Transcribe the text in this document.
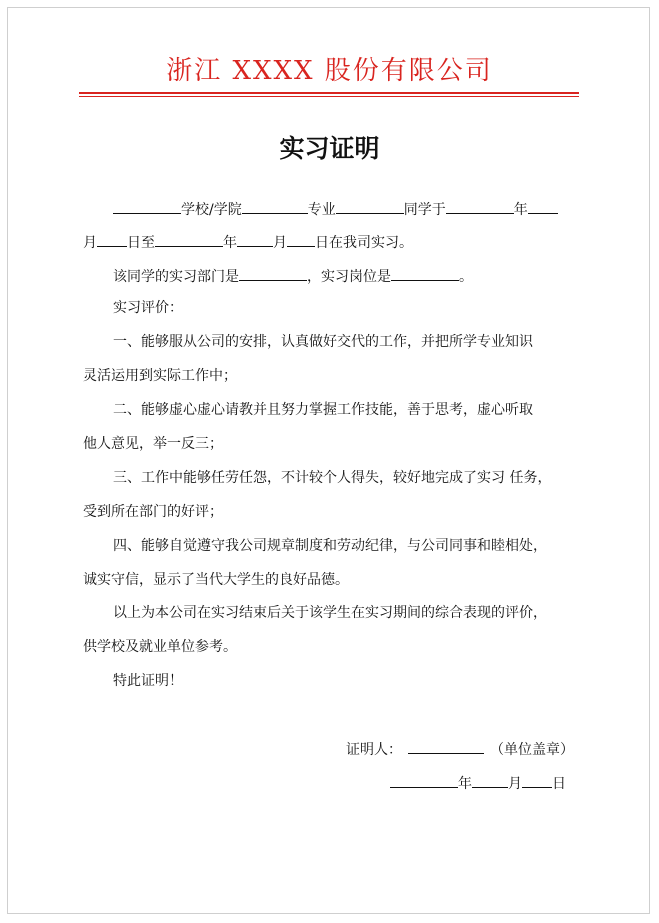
浙江 XXXX 股份有限公司
实习证明
学校/学院	专业	同学于	年
月 日至	年	月 日在我司实习。
该同学的实习部门是	，实习岗位是	。
实习评价：
一、能够服从公司的安排，认真做好交代的工作，并把所学专业知识
灵活运用到实际工作中；
二、能够虚心虚心请教并且努力掌握工作技能，善于思考，虚心听取
他人意见，举一反三；
三、工作中能够任劳任怨，不计较个人得失，较好地完成了实习 任务，
受到所在部门的好评；
四、能够自觉遵守我公司规章制度和劳动纪律，与公司同事和睦相处，
诚实守信，显示了当代大学生的良好品德。
以上为本公司在实习结束后关于该学生在实习期间的综合表现的评价，
供学校及就业单位参考。
特此证明！
证明人：	（单位盖章）
年	月 日
